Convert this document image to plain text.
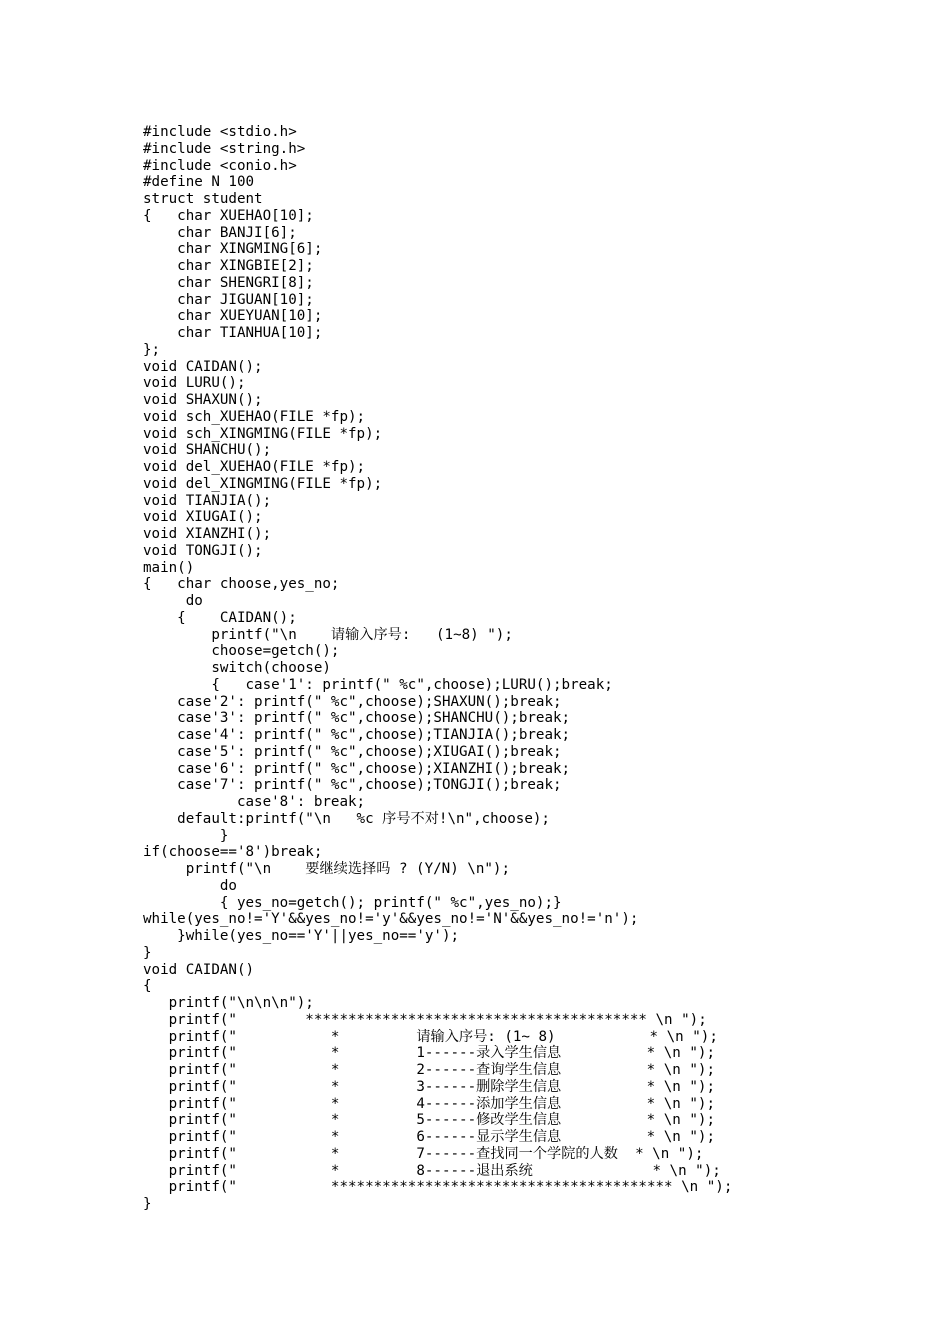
#include <stdio.h>
#include <string.h>
#include <conio.h>
#define N 100
struct student
{   char XUEHAO[10];
char BANJI[6];
char XINGMING[6];
char XINGBIE[2];
char SHENGRI[8];
char JIGUAN[10];
char XUEYUAN[10];
char TIANHUA[10];
};
void CAIDAN();
void LURU();
void SHAXUN();
void sch_XUEHAO(FILE *fp);
void sch_XINGMING(FILE *fp);
void SHANCHU();
void del_XUEHAO(FILE *fp);
void del_XINGMING(FILE *fp);
void TIANJIA();
void XIUGAI();
void XIANZHI();
void TONGJI();
main()
{   char choose,yes_no;
do
{    CAIDAN();
printf("\n    请输入序号:   (1~8) ");
choose=getch();
switch(choose)
{   case'1': printf(" %c",choose);LURU();break;
case'2': printf(" %c",choose);SHAXUN();break;
case'3': printf(" %c",choose);SHANCHU();break;
case'4': printf(" %c",choose);TIANJIA();break;
case'5': printf(" %c",choose);XIUGAI();break;
case'6': printf(" %c",choose);XIANZHI();break;
case'7': printf(" %c",choose);TONGJI();break;
case'8': break;
default:printf("\n   %c 序号不对!\n",choose);
}
if(choose=='8')break;
printf("\n    要继续选择吗 ? (Y/N) \n");
do
{ yes_no=getch(); printf(" %c",yes_no);}
while(yes_no!='Y'&&yes_no!='y'&&yes_no!='N'&&yes_no!='n');
}while(yes_no=='Y'||yes_no=='y');
}
void CAIDAN()
{
printf("\n\n\n");
printf("        **************************************** \n ");
printf("           *         请输入序号: (1~ 8)           * \n ");
printf("           *         1------录入学生信息          * \n ");
printf("           *         2------查询学生信息          * \n ");
printf("           *         3------删除学生信息          * \n ");
printf("           *         4------添加学生信息          * \n ");
printf("           *         5------修改学生信息          * \n ");
printf("           *         6------显示学生信息          * \n ");
printf("           *         7------查找同一个学院的人数  * \n ");
printf("           *         8------退出系统              * \n ");
printf("           **************************************** \n ");
}
